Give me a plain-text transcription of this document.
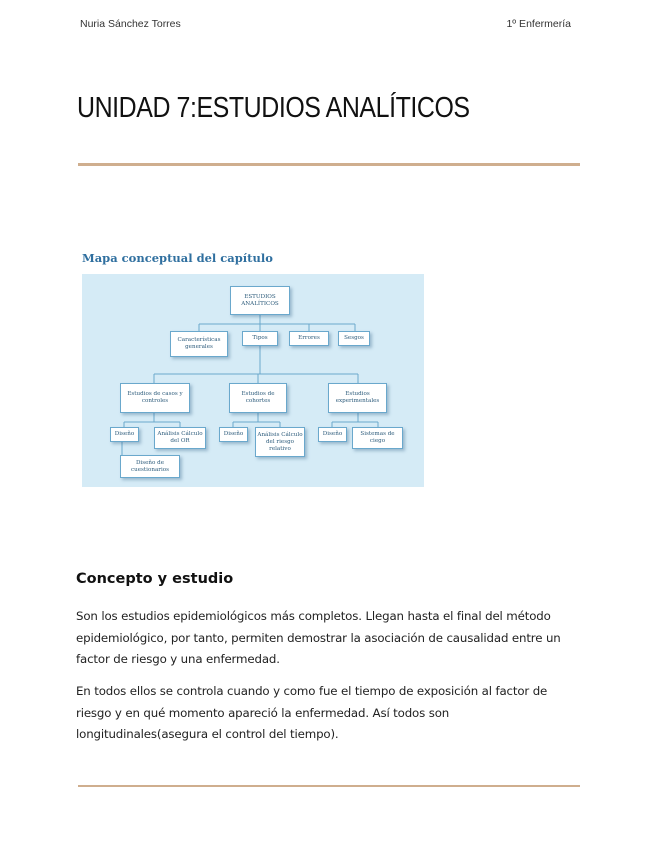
Nuria Sánchez Torres	1º Enfermería
UNIDAD 7:ESTUDIOS ANALÍTICOS
Mapa conceptual del capítulo
ESTUDIOS ANALÍTICOS
Características generales
Tipos	Errores	Sesgos
Estudios de casos y controles
Estudios de cohortes
Estudios experimentales
Diseño	Análisis Cálculo del OR
Diseño de cuestionarios
Diseño	Análisis Cálculo del riesgo relativo
Diseño	Sistemas de ciego
Concepto y estudio

Son los estudios epidemiológicos más completos. Llegan hasta el final del método epidemiológico, por tanto, permiten demostrar la asociación de causalidad entre un factor de riesgo y una enfermedad.

En todos ellos se controla cuando y como fue el tiempo de exposición al factor de riesgo y en qué momento apareció la enfermedad. Así todos son longitudinales(asegura el control del tiempo).
